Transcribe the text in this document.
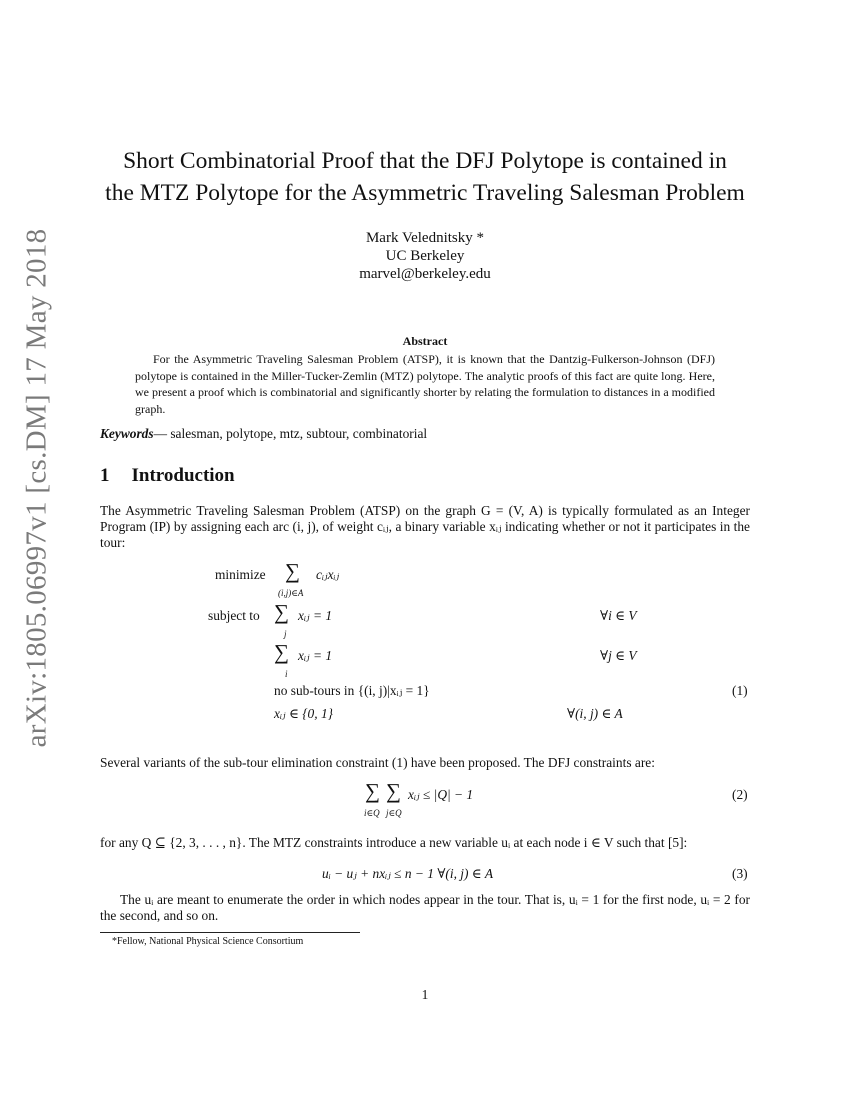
arXiv:1805.06997v1 [cs.DM] 17 May 2018
Short Combinatorial Proof that the DFJ Polytope is contained in
the MTZ Polytope for the Asymmetric Traveling Salesman Problem
Mark Velednitsky *
UC Berkeley
marvel@berkeley.edu
Abstract
For the Asymmetric Traveling Salesman Problem (ATSP), it is known that the Dantzig-Fulkerson-Johnson (DFJ) polytope is contained in the Miller-Tucker-Zemlin (MTZ) polytope. The analytic proofs of this fact are quite long. Here, we present a proof which is combinatorial and significantly shorter by relating the formulation to distances in a modified graph.
Keywords— salesman, polytope, mtz, subtour, combinatorial
1 Introduction
The Asymmetric Traveling Salesman Problem (ATSP) on the graph G = (V, A) is typically formulated as an Integer Program (IP) by assigning each arc (i, j), of weight cᵢⱼ, a binary variable xᵢⱼ indicating whether or not it participates in the tour:
minimize ∑
(i,j)∈A
cᵢⱼxᵢⱼ
subject to ∑
j
xᵢⱼ = 1	∀i ∈ V
∑
i
xᵢⱼ = 1	∀j ∈ V
no sub-tours in {(i, j)|xᵢⱼ = 1}	(1)
xᵢⱼ ∈ {0, 1}	∀(i, j) ∈ A
Several variants of the sub-tour elimination constraint (1) have been proposed. The DFJ constraints are:
∑ ∑
i∈Q j∈Q
xᵢⱼ ≤ |Q| − 1	(2)
for any Q ⊆ {2, 3, . . . , n}. The MTZ constraints introduce a new variable uᵢ at each node i ∈ V such that [5]:
uᵢ − uⱼ + nxᵢⱼ ≤ n − 1 ∀(i, j) ∈ A	(3)
The uᵢ are meant to enumerate the order in which nodes appear in the tour. That is, uᵢ = 1 for the first node, uᵢ = 2 for the second, and so on.
*Fellow, National Physical Science Consortium
1
